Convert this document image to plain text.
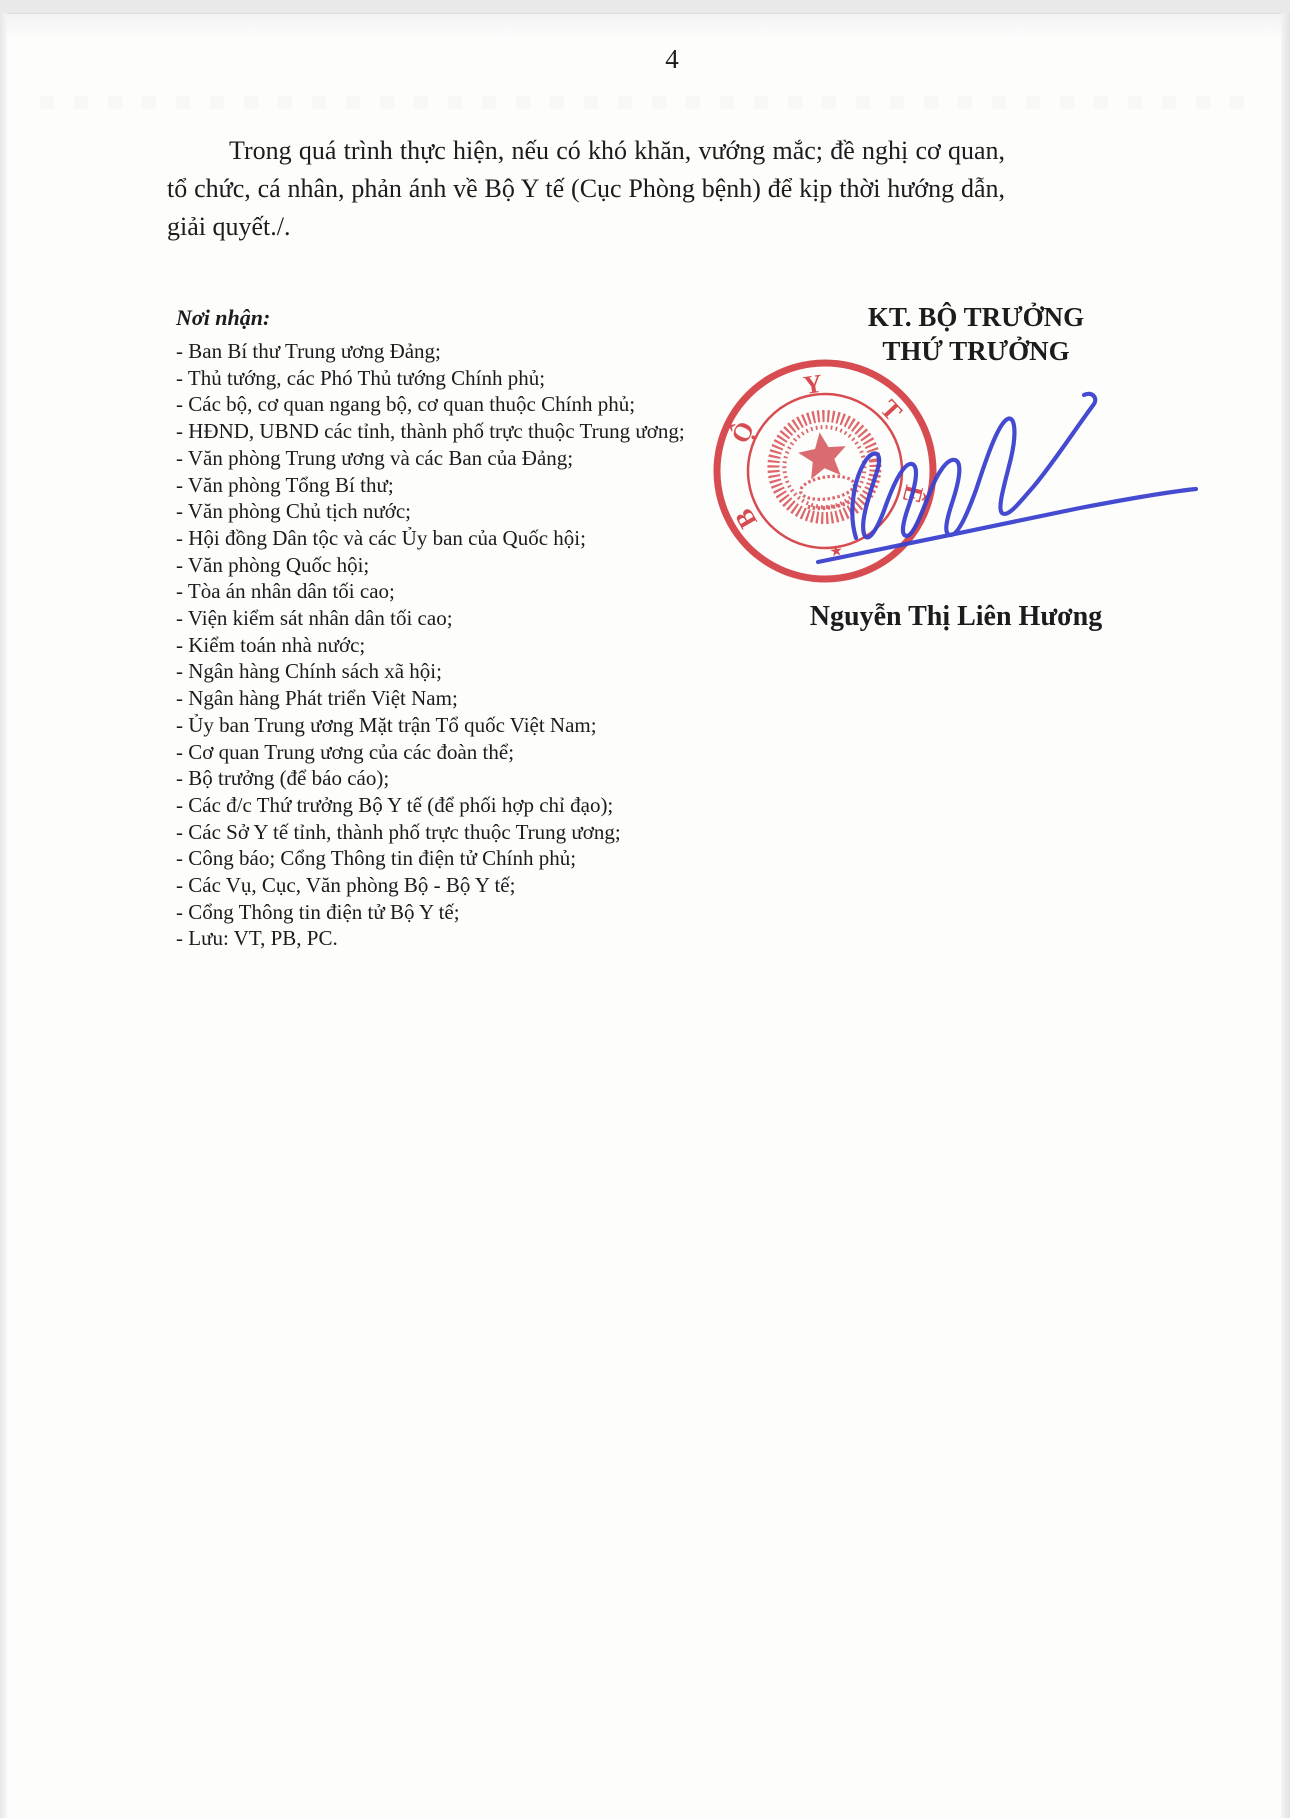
4
Trong quá trình thực hiện, nếu có khó khăn, vướng mắc; đề nghị cơ quan,
tổ chức, cá nhân, phản ánh về Bộ Y tế (Cục Phòng bệnh) để kịp thời hướng dẫn,
giải quyết./.
Nơi nhận:
- Ban Bí thư Trung ương Đảng;
- Thủ tướng, các Phó Thủ tướng Chính phủ;
- Các bộ, cơ quan ngang bộ, cơ quan thuộc Chính phủ;
- HĐND, UBND các tỉnh, thành phố trực thuộc Trung ương;
- Văn phòng Trung ương và các Ban của Đảng;
- Văn phòng Tổng Bí thư;
- Văn phòng Chủ tịch nước;
- Hội đồng Dân tộc và các Ủy ban của Quốc hội;
- Văn phòng Quốc hội;
- Tòa án nhân dân tối cao;
- Viện kiểm sát nhân dân tối cao;
- Kiểm toán nhà nước;
- Ngân hàng Chính sách xã hội;
- Ngân hàng Phát triển Việt Nam;
- Ủy ban Trung ương Mặt trận Tổ quốc Việt Nam;
- Cơ quan Trung ương của các đoàn thể;
- Bộ trưởng (để báo cáo);
- Các đ/c Thứ trưởng Bộ Y tế (để phối hợp chỉ đạo);
- Các Sở Y tế tỉnh, thành phố trực thuộc Trung ương;
- Công báo; Cổng Thông tin điện tử Chính phủ;
- Các Vụ, Cục, Văn phòng Bộ - Bộ Y tế;
- Cổng Thông tin điện tử Bộ Y tế;
- Lưu: VT, PB, PC.
KT. BỘ TRƯỞNG
THỨ TRƯỞNG
B
Ộ
Y
T
Ế
★
Nguyễn Thị Liên Hương
